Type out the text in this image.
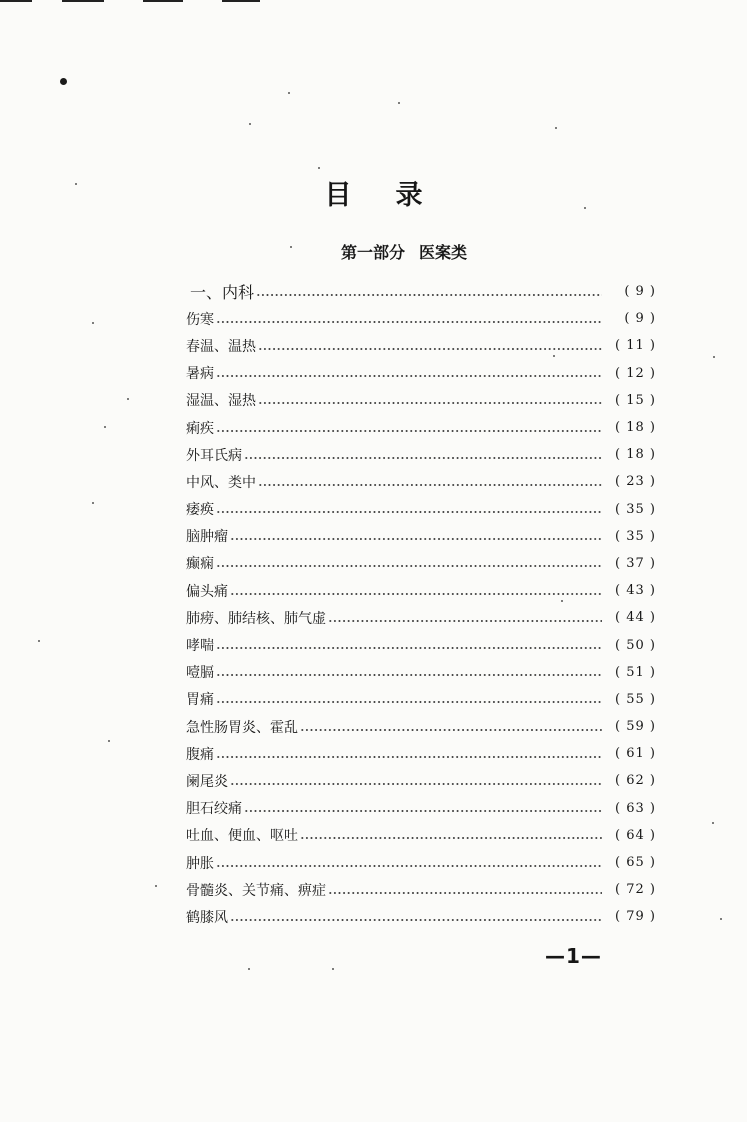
目 录
第一部分 医案类
一、内科	( 9 )
伤寒	( 9 )
春温、温热	( 11 )
暑病	( 12 )
湿温、湿热	( 15 )
痢疾	( 18 )
外耳氏病	( 18 )
中风、类中	( 23 )
痿痪	( 35 )
脑肿瘤	( 35 )
癫痫	( 37 )
偏头痛	( 43 )
肺痨、肺结核、肺气虚	( 44 )
哮喘	( 50 )
噎膈	( 51 )
胃痛	( 55 )
急性肠胃炎、霍乱	( 59 )
腹痛	( 61 )
阑尾炎	( 62 )
胆石绞痛	( 63 )
吐血、便血、呕吐	( 64 )
肿胀	( 65 )
骨髓炎、关节痛、痹症	( 72 )
鹤膝风	( 79 )
—1—
